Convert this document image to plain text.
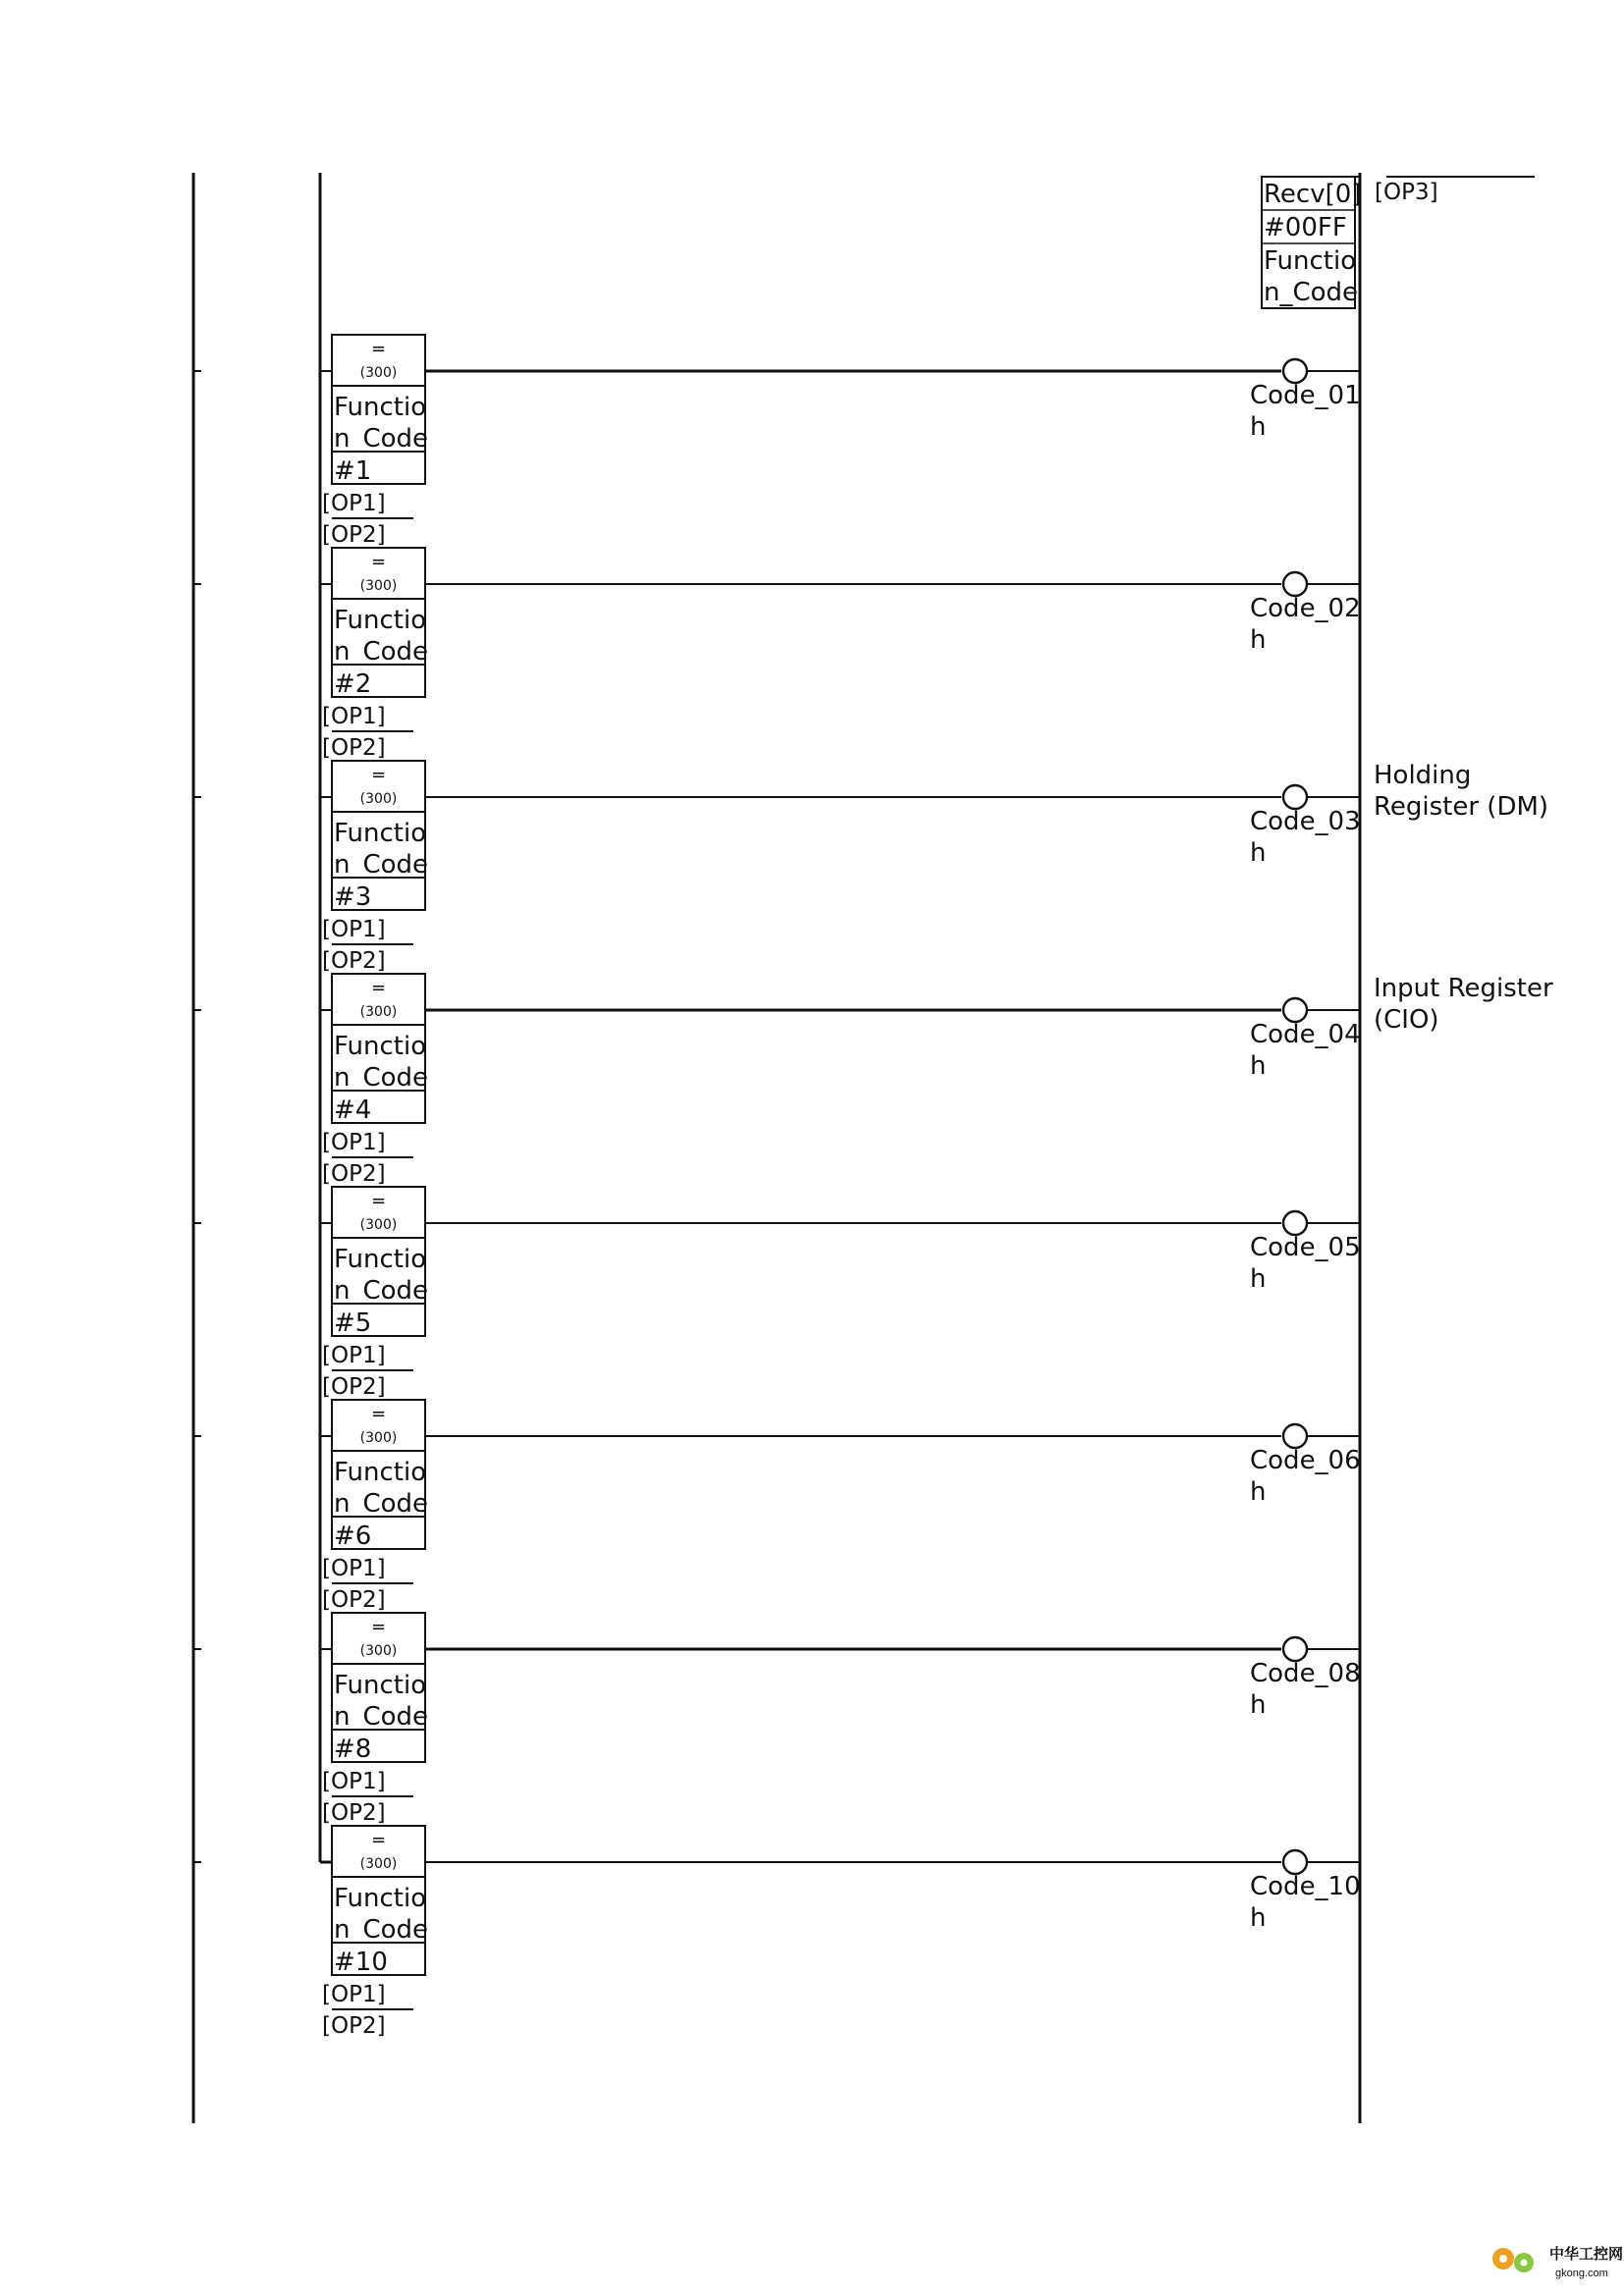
Recv[0]
#00FF
Functio
n_Code
[OP3]
=
(300)
Functio
n_Code
#1
[OP1]
[OP2]
Code_01
h
=
(300)
Functio
n_Code
#2
[OP1]
[OP2]
Code_02
h
=
(300)
Functio
n_Code
#3
[OP1]
[OP2]
Code_03
h
Holding
Register (DM)
=
(300)
Functio
n_Code
#4
[OP1]
[OP2]
Code_04
h
Input Register
(CIO)
=
(300)
Functio
n_Code
#5
[OP1]
[OP2]
Code_05
h
=
(300)
Functio
n_Code
#6
[OP1]
[OP2]
Code_06
h
=
(300)
Functio
n_Code
#8
[OP1]
[OP2]
Code_08
h
=
(300)
Functio
n_Code
#10
[OP1]
[OP2]
Code_10
h
中华工控网
gkong.com
